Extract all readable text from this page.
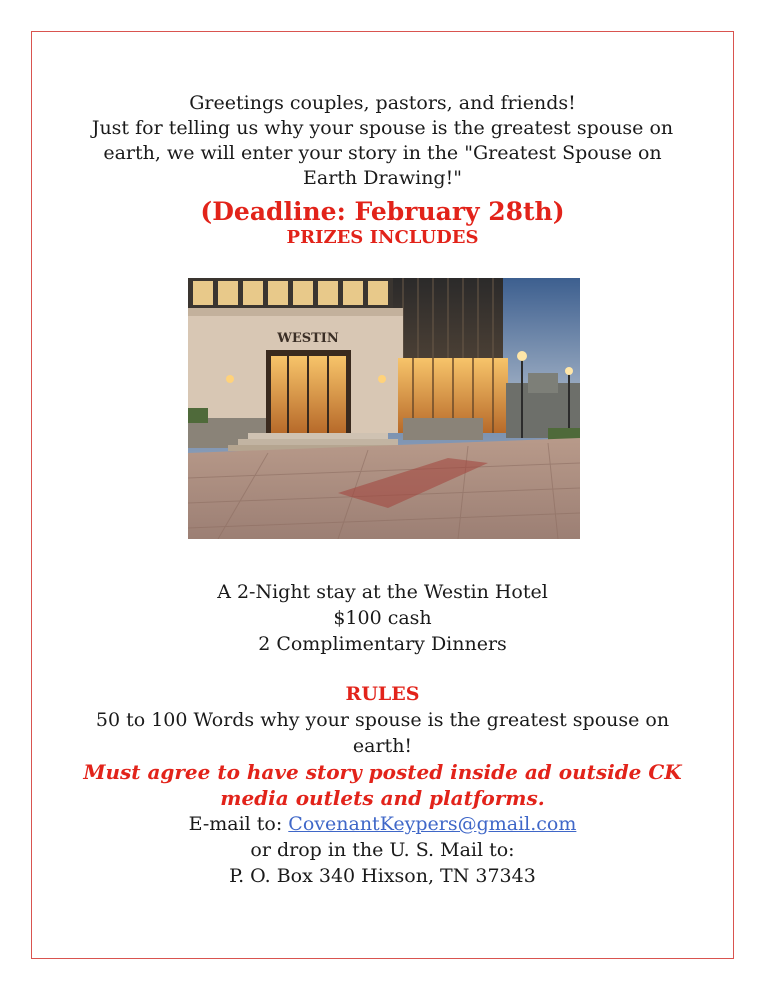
Greetings couples, pastors, and friends!
Just for telling us why your spouse is the greatest spouse on earth, we will enter your story in the "Greatest Spouse on Earth Drawing!"
(Deadline: February 28th)
PRIZES INCLUDES
WESTIN
A 2-Night stay at the Westin Hotel
$100 cash
2 Complimentary Dinners
RULES
50 to 100 Words why your spouse is the greatest spouse on earth!
Must agree to have story posted inside ad outside CK media outlets and platforms.
E-mail to: CovenantKeypers@gmail.com
or drop in the U. S. Mail to:
P. O. Box 340 Hixson, TN 37343
